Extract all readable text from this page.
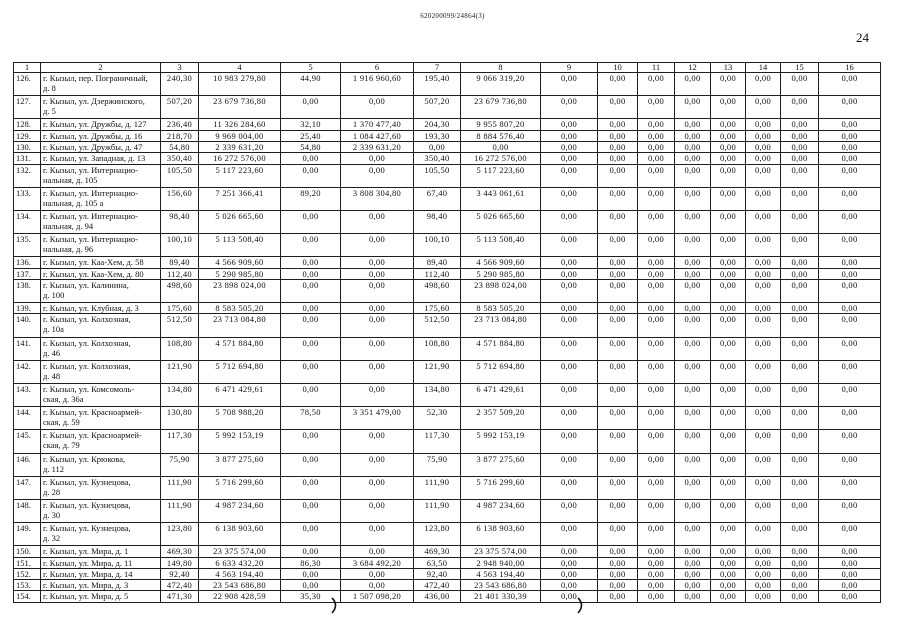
620200099/24864(3)
24
1	2	3	4	5	6	7	8	9	10	11	12	13	14	15	16
126.	г. Кызыл, пер. Пограничный,
д. 8	240,30	10 983 279,80	44,90	1 916 960,60	195,40	9 066 319,20	0,00	0,00	0,00	0,00	0,00	0,00	0,00	0,00
127.	г. Кызыл, ул. Дзержинского,
д. 5	507,20	23 679 736,80	0,00	0,00	507,20	23 679 736,80	0,00	0,00	0,00	0,00	0,00	0,00	0,00	0,00
128.	г. Кызыл, ул. Дружбы, д. 127	236,40	11 326 284,60	32,10	1 370 477,40	204,30	9 955 807,20	0,00	0,00	0,00	0,00	0,00	0,00	0,00	0,00
129.	г. Кызыл, ул. Дружбы, д. 16	218,70	9 969 004,00	25,40	1 084 427,60	193,30	8 884 576,40	0,00	0,00	0,00	0,00	0,00	0,00	0,00	0,00
130.	г. Кызыл, ул. Дружбы, д. 47	54,80	2 339 631,20	54,80	2 339 631,20	0,00	0,00	0,00	0,00	0,00	0,00	0,00	0,00	0,00	0,00
131.	г. Кызыл, ул. Западная, д. 13	350,40	16 272 576,00	0,00	0,00	350,40	16 272 576,00	0,00	0,00	0,00	0,00	0,00	0,00	0,00	0,00
132.	г. Кызыл, ул. Интернацио-
нальная, д. 105	105,50	5 117 223,60	0,00	0,00	105,50	5 117 223,60	0,00	0,00	0,00	0,00	0,00	0,00	0,00	0,00
133.	г. Кызыл, ул. Интернацио-
нальная, д. 105 а	156,60	7 251 366,41	89,20	3 808 304,80	67,40	3 443 061,61	0,00	0,00	0,00	0,00	0,00	0,00	0,00	0,00
134.	г. Кызыл, ул. Интернацио-
нальная, д. 94	98,40	5 026 665,60	0,00	0,00	98,40	5 026 665,60	0,00	0,00	0,00	0,00	0,00	0,00	0,00	0,00
135.	г. Кызыл, ул. Интернацио-
нальная, д. 96	100,10	5 113 508,40	0,00	0,00	100,10	5 113 508,40	0,00	0,00	0,00	0,00	0,00	0,00	0,00	0,00
136.	г. Кызыл, ул. Каа-Хем, д. 58	89,40	4 566 909,60	0,00	0,00	89,40	4 566 909,60	0,00	0,00	0,00	0,00	0,00	0,00	0,00	0,00
137.	г. Кызыл, ул. Каа-Хем, д. 80	112,40	5 290 985,80	0,00	0,00	112,40	5 290 985,80	0,00	0,00	0,00	0,00	0,00	0,00	0,00	0,00
138.	г. Кызыл, ул. Калинина,
д. 100	498,60	23 898 024,00	0,00	0,00	498,60	23 898 024,00	0,00	0,00	0,00	0,00	0,00	0,00	0,00	0,00
139.	г. Кызыл, ул. Клубная, д. 3	175,60	8 583 505,20	0,00	0,00	175,60	8 583 505,20	0,00	0,00	0,00	0,00	0,00	0,00	0,00	0,00
140.	г. Кызыл, ул. Колхозная,
д. 10а	512,50	23 713 084,80	0,00	0,00	512,50	23 713 084,80	0,00	0,00	0,00	0,00	0,00	0,00	0,00	0,00
141.	г. Кызыл, ул. Колхозная,
д. 46	108,80	4 571 884,80	0,00	0,00	108,80	4 571 884,80	0,00	0,00	0,00	0,00	0,00	0,00	0,00	0,00
142.	г. Кызыл, ул. Колхозная,
д. 48	121,90	5 712 694,80	0,00	0,00	121,90	5 712 694,80	0,00	0,00	0,00	0,00	0,00	0,00	0,00	0,00
143.	г. Кызыл, ул. Комсомоль-
ская, д. 36а	134,80	6 471 429,61	0,00	0,00	134,80	6 471 429,61	0,00	0,00	0,00	0,00	0,00	0,00	0,00	0,00
144.	г. Кызыл, ул. Красноармей-
ская, д. 59	130,80	5 708 988,20	78,50	3 351 479,00	52,30	2 357 509,20	0,00	0,00	0,00	0,00	0,00	0,00	0,00	0,00
145.	г. Кызыл, ул. Красноармей-
ская, д. 79	117,30	5 992 153,19	0,00	0,00	117,30	5 992 153,19	0,00	0,00	0,00	0,00	0,00	0,00	0,00	0,00
146.	г. Кызыл, ул. Крюкова,
д. 112	75,90	3 877 275,60	0,00	0,00	75,90	3 877 275,60	0,00	0,00	0,00	0,00	0,00	0,00	0,00	0,00
147.	г. Кызыл, ул. Кузнецова,
д. 28	111,90	5 716 299,60	0,00	0,00	111,90	5 716 299,60	0,00	0,00	0,00	0,00	0,00	0,00	0,00	0,00
148.	г. Кызыл, ул. Кузнецова,
д. 30	111,90	4 987 234,60	0,00	0,00	111,90	4 987 234,60	0,00	0,00	0,00	0,00	0,00	0,00	0,00	0,00
149.	г. Кызыл, ул. Кузнецова,
д. 32	123,80	6 138 903,60	0,00	0,00	123,80	6 138 903,60	0,00	0,00	0,00	0,00	0,00	0,00	0,00	0,00
150.	г. Кызыл, ул. Мира, д. 1	469,30	23 375 574,00	0,00	0,00	469,30	23 375 574,00	0,00	0,00	0,00	0,00	0,00	0,00	0,00	0,00
151.	г. Кызыл, ул. Мира, д. 11	149,80	6 633 432,20	86,30	3 684 492,20	63,50	2 948 940,00	0,00	0,00	0,00	0,00	0,00	0,00	0,00	0,00
152.	г. Кызыл, ул. Мира, д. 14	92,40	4 563 194,40	0,00	0,00	92,40	4 563 194,40	0,00	0,00	0,00	0,00	0,00	0,00	0,00	0,00
153.	г. Кызыл, ул. Мира, д. 3	472,40	23 543 686,80	0,00	0,00	472,40	23 543 686,80	0,00	0,00	0,00	0,00	0,00	0,00	0,00	0,00
154.	г. Кызыл, ул. Мира, д. 5	471,30	22 908 428,59	35,30	1 507 098,20	436,00	21 401 330,39	0,00	0,00	0,00	0,00	0,00	0,00	0,00	0,00
